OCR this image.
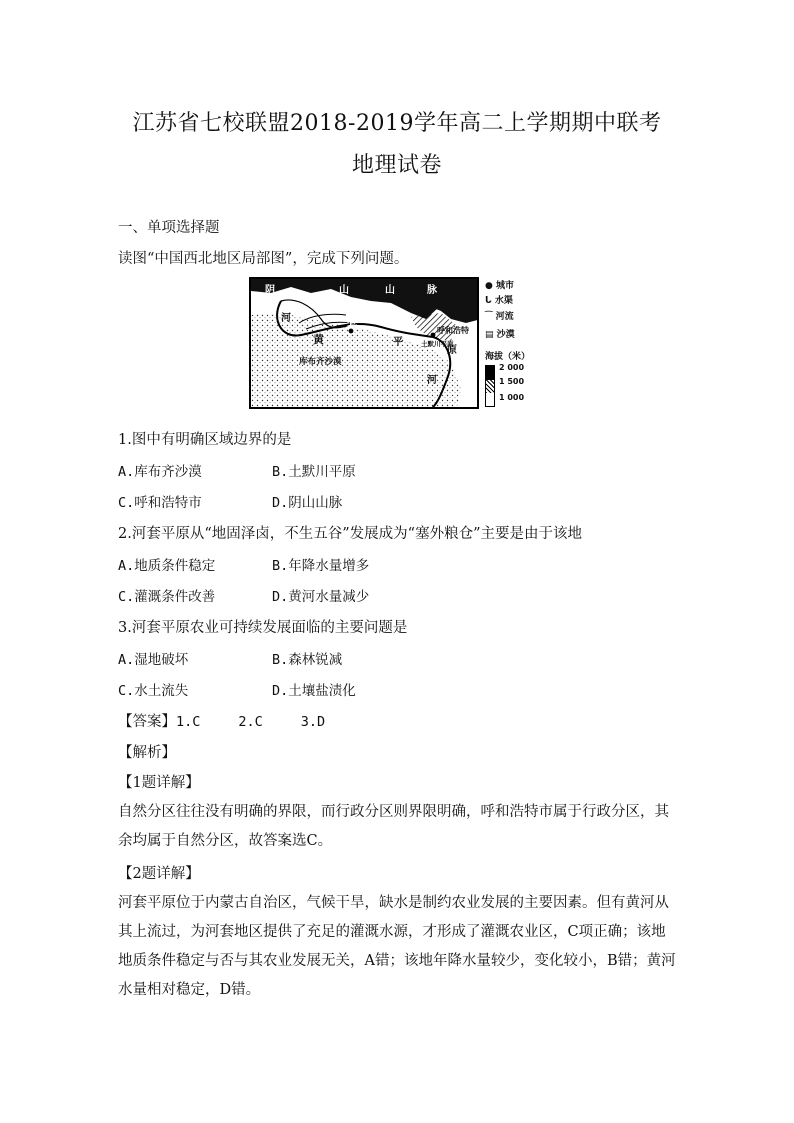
江苏省七校联盟2018-2019学年高二上学期期中联考
地理试卷
一、单项选择题
读图“中国西北地区局部图”，完成下列问题。
阴	山	山	脉
河
黄
套
平
原
河
库布齐沙漠
呼和浩特
土默川平原
● 城市
ᒐ 水渠
⁀ 河流
▤ 沙漠
海拔（米）
2 000
1 500
1 000
1.图中有明确区域边界的是
A.库布齐沙漠	B.土默川平原
C.呼和浩特市	D.阴山山脉
2.河套平原从“地固泽卤，不生五谷”发展成为“塞外粮仓”主要是由于该地
A.地质条件稳定	B.年降水量增多
C.灌溉条件改善	D.黄河水量减少
3.河套平原农业可持续发展面临的主要问题是
A.湿地破坏	B.森林锐减
C.水土流失	D.土壤盐渍化
【答案】1.C	2.C	3.D
【解析】
【1题详解】
自然分区往往没有明确的界限，而行政分区则界限明确，呼和浩特市属于行政分区，其余均属于自然分区，故答案选C。
【2题详解】
河套平原位于内蒙古自治区，气候干旱，缺水是制约农业发展的主要因素。但有黄河从其上流过，为河套地区提供了充足的灌溉水源，才形成了灌溉农业区，C项正确；该地地质条件稳定与否与其农业发展无关，A错；该地年降水量较少，变化较小，B错；黄河水量相对稳定，D错。
